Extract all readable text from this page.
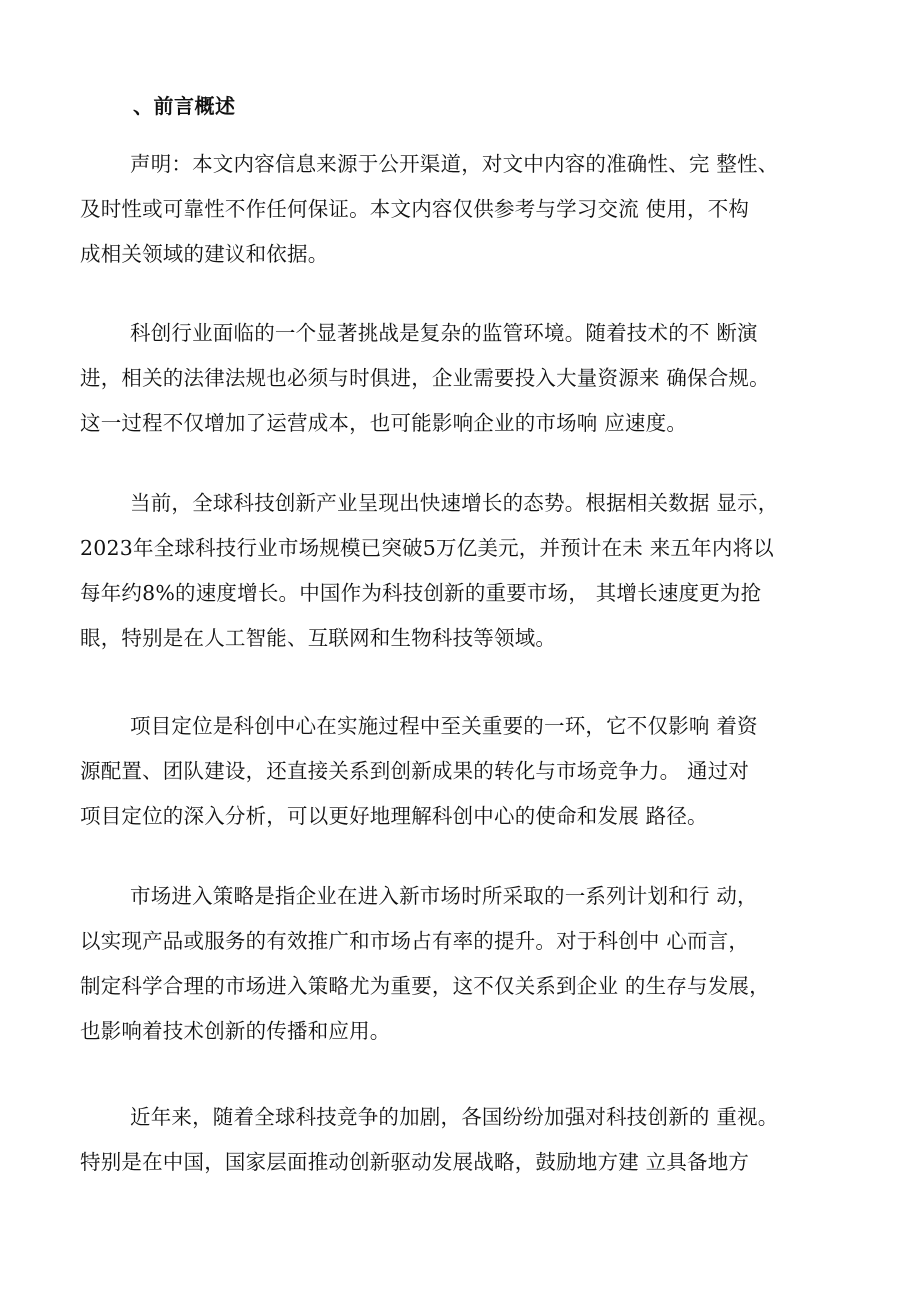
、前言概述
声明：本文内容信息来源于公开渠道，对文中内容的准确性、完 整性、
及时性或可靠性不作任何保证。本文内容仅供参考与学习交流 使用，不构
成相关领域的建议和依据。
科创行业面临的一个显著挑战是复杂的监管环境。随着技术的不 断演
进，相关的法律法规也必须与时俱进，企业需要投入大量资源来 确保合规。
这一过程不仅增加了运营成本，也可能影响企业的市场响 应速度。
当前，全球科技创新产业呈现出快速增长的态势。根据相关数据 显示，
2023年全球科技行业市场规模已突破5万亿美元，并预计在未 来五年内将以
每年约8%的速度增长。中国作为科技创新的重要市场， 其增长速度更为抢
眼，特别是在人工智能、互联网和生物科技等领域。
项目定位是科创中心在实施过程中至关重要的一环，它不仅影响 着资
源配置、团队建设，还直接关系到创新成果的转化与市场竞争力。 通过对
项目定位的深入分析，可以更好地理解科创中心的使命和发展 路径。
市场进入策略是指企业在进入新市场时所采取的一系列计划和行 动，
以实现产品或服务的有效推广和市场占有率的提升。对于科创中 心而言，
制定科学合理的市场进入策略尤为重要，这不仅关系到企业 的生存与发展，
也影响着技术创新的传播和应用。
近年来，随着全球科技竞争的加剧，各国纷纷加强对科技创新的 重视。
特别是在中国，国家层面推动创新驱动发展战略，鼓励地方建 立具备地方
